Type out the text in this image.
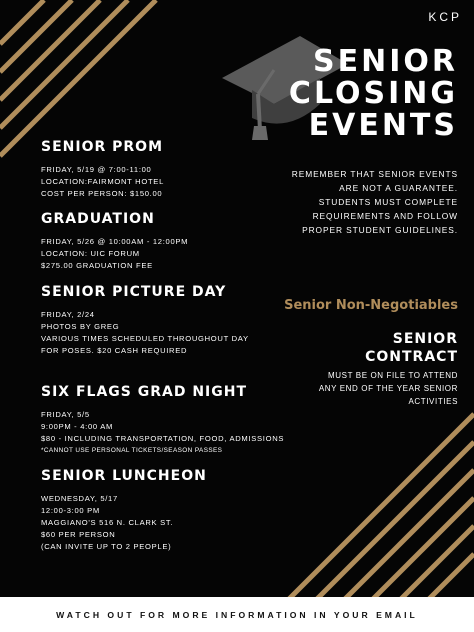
KCP
SENIOR
CLOSING
EVENTS
REMEMBER THAT SENIOR EVENTS
ARE NOT A GUARANTEE.
STUDENTS MUST COMPLETE
REQUIREMENTS AND FOLLOW
PROPER STUDENT GUIDELINES.
Senior Non-Negotiables
SENIOR
CONTRACT
MUST BE ON FILE TO ATTEND
ANY END OF THE YEAR SENIOR
ACTIVITIES
SENIOR PROM
FRIDAY, 5/19 @ 7:00-11:00
LOCATION:FAIRMONT HOTEL
COST PER PERSON: $150.00
GRADUATION
FRIDAY, 5/26 @ 10:00AM - 12:00PM
LOCATION: UIC FORUM
$275.00 GRADUATION FEE
SENIOR PICTURE DAY
FRIDAY, 2/24
PHOTOS BY GREG
VARIOUS TIMES SCHEDULED THROUGHOUT DAY
FOR POSES. $20 CASH REQUIRED
SIX FLAGS GRAD NIGHT
FRIDAY, 5/5
9:00PM - 4:00 AM
$80 - INCLUDING TRANSPORTATION, FOOD, ADMISSIONS
*CANNOT USE PERSONAL TICKETS/SEASON PASSES
SENIOR LUNCHEON
WEDNESDAY, 5/17
12:00-3:00 PM
MAGGIANO'S 516 N. CLARK ST.
$60 PER PERSON
(CAN INVITE UP TO 2 PEOPLE)
WATCH OUT FOR MORE INFORMATION IN YOUR EMAIL
